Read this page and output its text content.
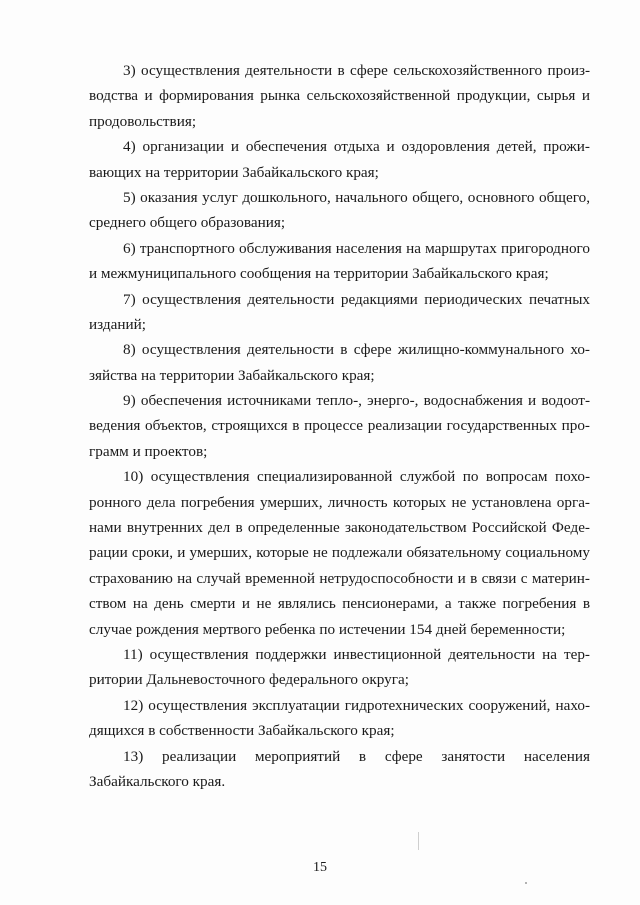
3) осуществления деятельности в сфере сельскохозяйственного произ-
водства и формирования рынка сельскохозяйственной продукции, сырья и
продовольствия;
4) организации и обеспечения отдыха и оздоровления детей, прожи-
вающих на территории Забайкальского края;
5) оказания услуг дошкольного, начального общего, основного общего,
среднего общего образования;
6) транспортного обслуживания населения на маршрутах пригородного
и межмуниципального сообщения на территории Забайкальского края;
7) осуществления деятельности редакциями периодических печатных
изданий;
8) осуществления деятельности в сфере жилищно-коммунального хо-
зяйства на территории Забайкальского края;
9) обеспечения источниками тепло-, энерго-, водоснабжения и водоот-
ведения объектов, строящихся в процессе реализации государственных про-
грамм и проектов;
10) осуществления специализированной службой по вопросам похо-
ронного дела погребения умерших, личность которых не установлена орга-
нами внутренних дел в определенные законодательством Российской Феде-
рации сроки, и умерших, которые не подлежали обязательному социальному
страхованию на случай временной нетрудоспособности и в связи с материн-
ством на день смерти и не являлись пенсионерами, а также погребения в
случае рождения мертвого ребенка по истечении 154 дней беременности;
11) осуществления поддержки инвестиционной деятельности на тер-
ритории Дальневосточного федерального округа;
12) осуществления эксплуатации гидротехнических сооружений, нахо-
дящихся в собственности Забайкальского края;
13) реализации мероприятий в сфере занятости населения
Забайкальского края.
15
